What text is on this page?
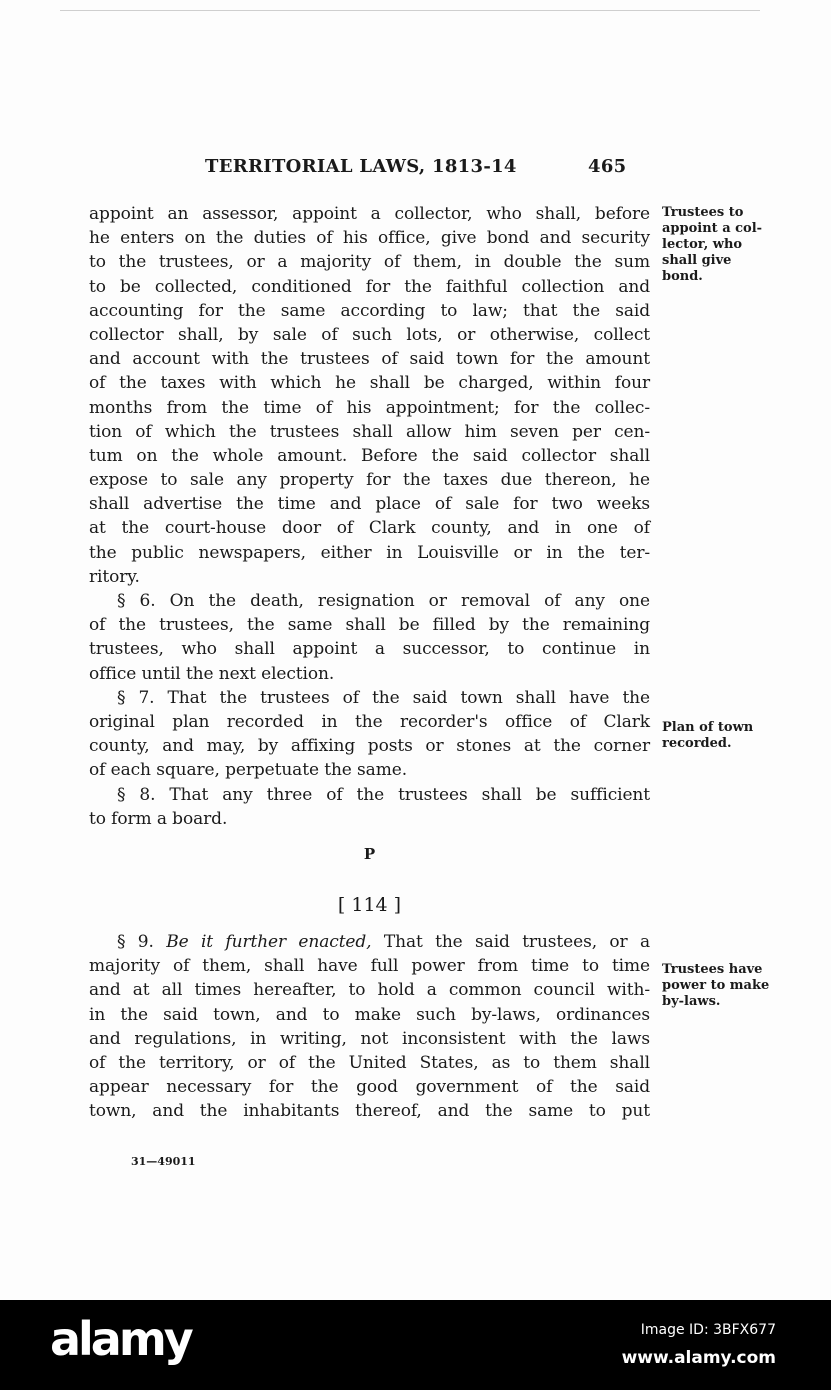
TERRITORIAL LAWS, 1813-14	465
appoint an assessor, appoint a collector, who shall, before
he enters on the duties of his office, give bond and security
to the trustees, or a majority of them, in double the sum
to be collected, conditioned for the faithful collection and
accounting for the same according to law; that the said
collector shall, by sale of such lots, or otherwise, collect
and account with the trustees of said town for the amount
of the taxes with which he shall be charged, within four
months from the time of his appointment; for the collec-
tion of which the trustees shall allow him seven per cen-
tum on the whole amount. Before the said collector shall
expose to sale any property for the taxes due thereon, he
shall advertise the time and place of sale for two weeks
at the court-house door of Clark county, and in one of
the public newspapers, either in Louisville or in the ter-
ritory.
§ 6. On the death, resignation or removal of any one
of the trustees, the same shall be filled by the remaining
trustees, who shall appoint a successor, to continue in
office until the next election.
§ 7. That the trustees of the said town shall have the
original plan recorded in the recorder's office of Clark
county, and may, by affixing posts or stones at the corner
of each square, perpetuate the same.
§ 8. That any three of the trustees shall be sufficient
to form a board.
P
[ 114 ]
§ 9. Be it further enacted, That the said trustees, or a
majority of them, shall have full power from time to time
and at all times hereafter, to hold a common council with-
in the said town, and to make such by-laws, ordinances
and regulations, in writing, not inconsistent with the laws
of the territory, or of the United States, as to them shall
appear necessary for the good government of the said
town, and the inhabitants thereof, and the same to put
Trustees to
appoint a col-
lector, who
shall give
bond.
Plan of town
recorded.
Trustees have
power to make
by-laws.
31—49011
alamy	Image ID: 3BFX677
www.alamy.com
